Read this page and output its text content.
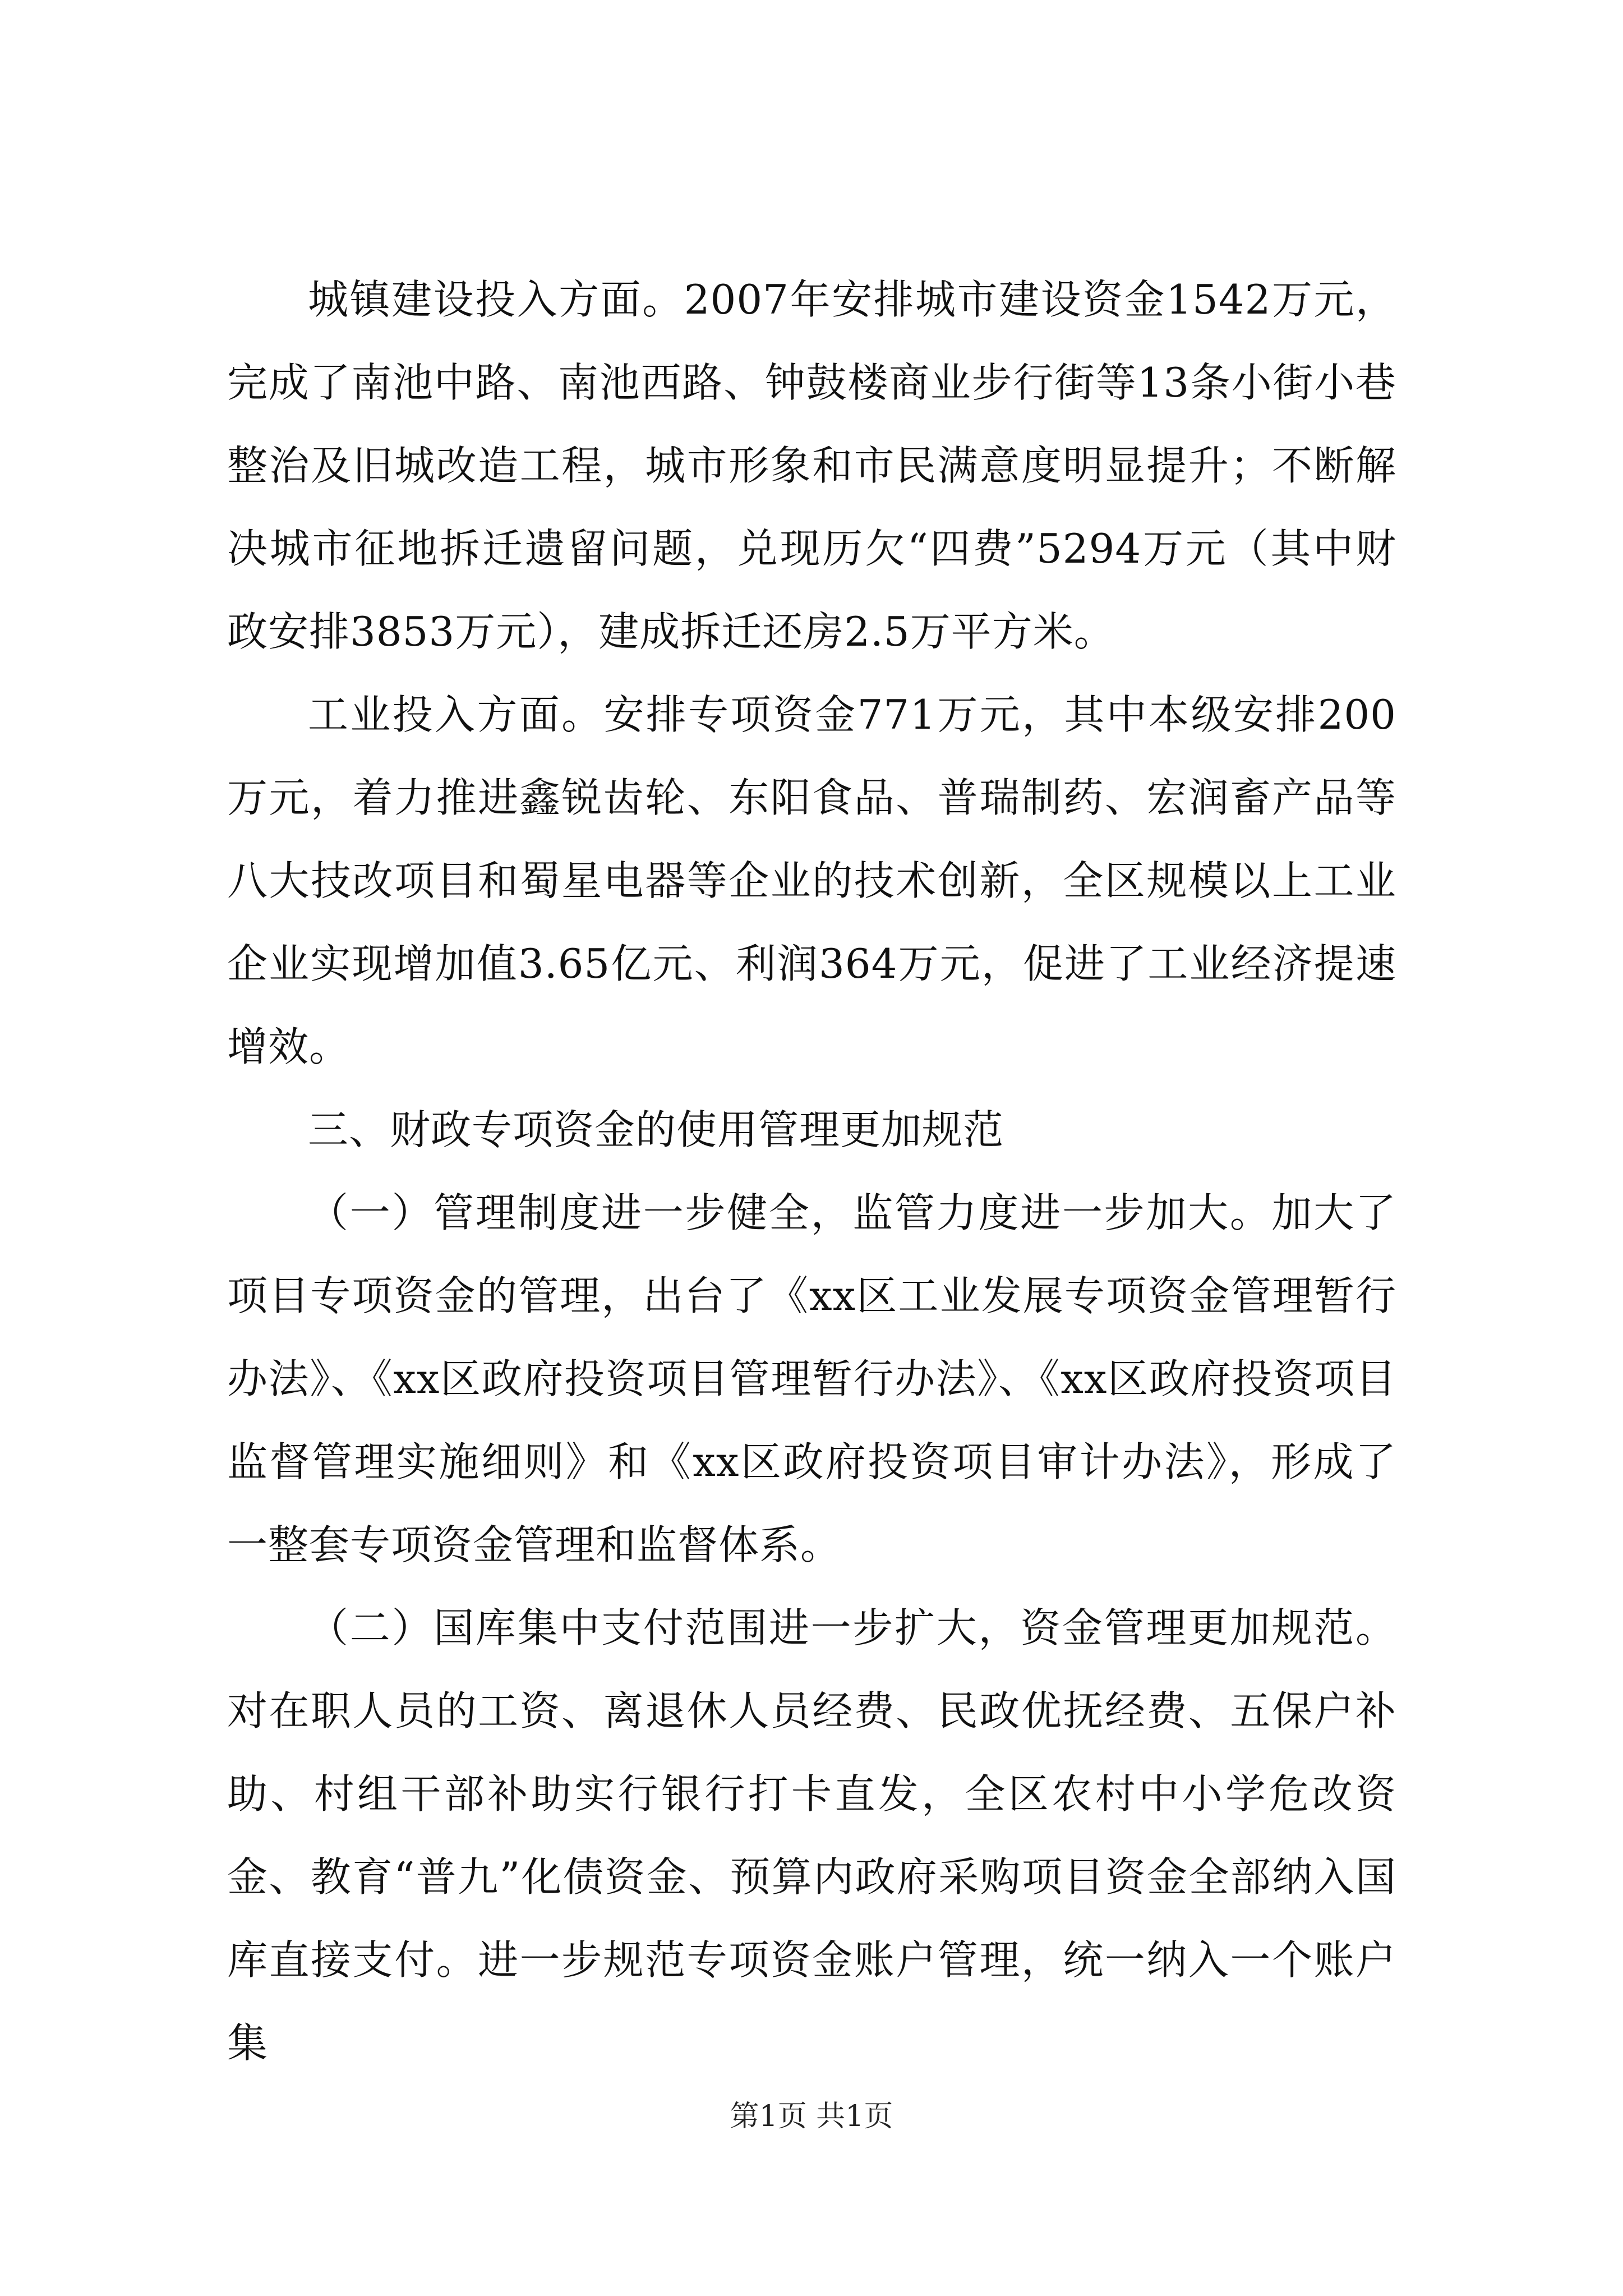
城镇建设投入方面。2007年安排城市建设资金1542万元，完成了南池中路、南池西路、钟鼓楼商业步行街等13条小街小巷整治及旧城改造工程，城市形象和市民满意度明显提升；不断解决城市征地拆迁遗留问题，兑现历欠“四费”5294万元（其中财政安排3853万元），建成拆迁还房2.5万平方米。

工业投入方面。安排专项资金771万元，其中本级安排200万元，着力推进鑫锐齿轮、东阳食品、普瑞制药、宏润畜产品等八大技改项目和蜀星电器等企业的技术创新，全区规模以上工业企业实现增加值3.65亿元、利润364万元，促进了工业经济提速增效。

三、财政专项资金的使用管理更加规范

（一）管理制度进一步健全，监管力度进一步加大。加大了项目专项资金的管理，出台了《xx区工业发展专项资金管理暂行办法》、《xx区政府投资项目管理暂行办法》、《xx区政府投资项目监督管理实施细则》和《xx区政府投资项目审计办法》，形成了一整套专项资金管理和监督体系。

（二）国库集中支付范围进一步扩大，资金管理更加规范。对在职人员的工资、离退休人员经费、民政优抚经费、五保户补助、村组干部补助实行银行打卡直发，全区农村中小学危改资金、教育“普九”化债资金、预算内政府采购项目资金全部纳入国库直接支付。进一步规范专项资金账户管理，统一纳入一个账户集

第1页 共1页
